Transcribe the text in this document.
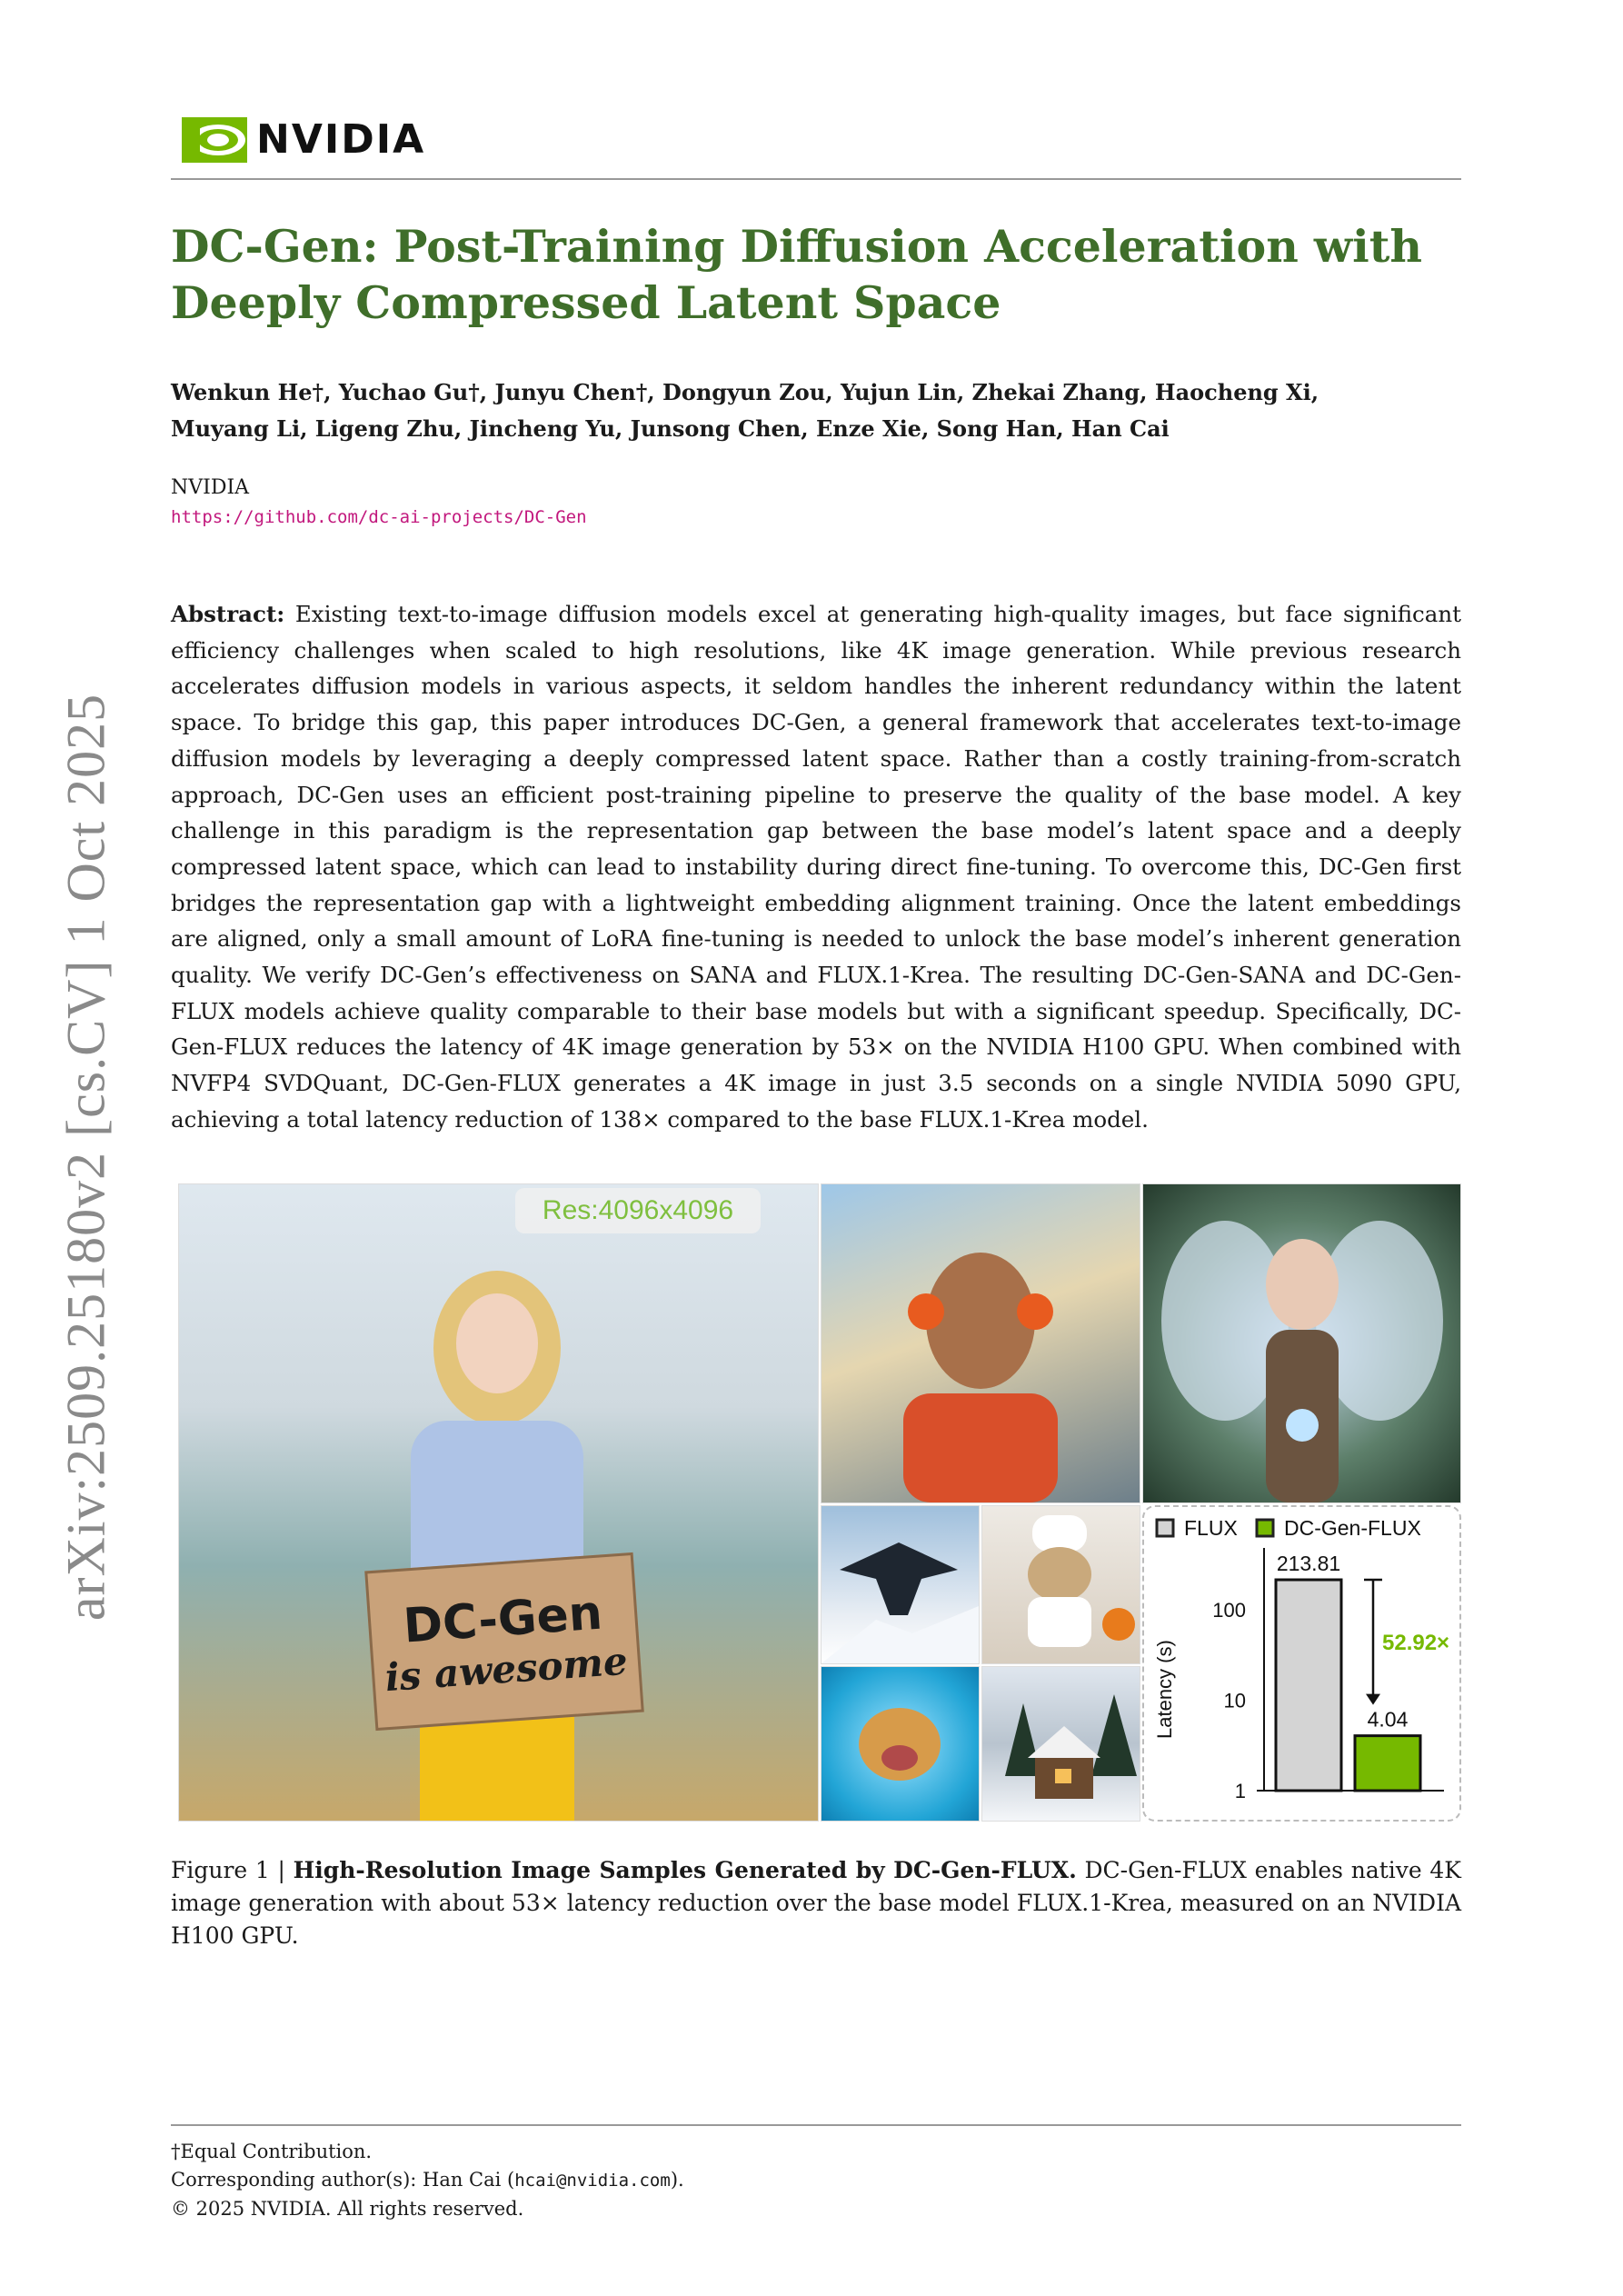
NVIDIA
DC-Gen: Post-Training Diffusion Acceleration with
Deeply Compressed Latent Space
Wenkun He†, Yuchao Gu†, Junyu Chen†, Dongyun Zou, Yujun Lin, Zhekai Zhang, Haocheng Xi,
Muyang Li, Ligeng Zhu, Jincheng Yu, Junsong Chen, Enze Xie, Song Han, Han Cai
NVIDIA
https://github.com/dc-ai-projects/DC-Gen

Abstract: Existing text-to-image diffusion models excel at generating high-quality images, but face significant efficiency challenges when scaled to high resolutions, like 4K image generation. While previous research accelerates diffusion models in various aspects, it seldom handles the inherent redundancy within the latent space. To bridge this gap, this paper introduces DC-Gen, a general framework that accelerates text-to-image diffusion models by leveraging a deeply compressed latent space. Rather than a costly training-from-scratch approach, DC-Gen uses an efficient post-training pipeline to preserve the quality of the base model. A key challenge in this paradigm is the representation gap between the base model’s latent space and a deeply compressed latent space, which can lead to instability during direct fine-tuning. To overcome this, DC-Gen first bridges the representation gap with a lightweight embedding alignment training. Once the latent embeddings are aligned, only a small amount of LoRA fine-tuning is needed to unlock the base model’s inherent generation quality. We verify DC-Gen’s effectiveness on SANA and FLUX.1-Krea. The resulting DC-Gen-SANA and DC-Gen-FLUX models achieve quality comparable to their base models but with a significant speedup. Specifically, DC-Gen-FLUX reduces the latency of 4K image generation by 53× on the NVIDIA H100 GPU. When combined with NVFP4 SVDQuant, DC-Gen-FLUX generates a 4K image in just 3.5 seconds on a single NVIDIA 5090 GPU, achieving a total latency reduction of 138× compared to the base FLUX.1-Krea model.

arXiv:2509.25180v2 [cs.CV] 1 Oct 2025	Res:4096x4096
DC-Gen
is awesome
FLUX DC-Gen-FLUX
Latency (s)
1
10
100
213.81
4.04
52.92×

Figure 1 | High-Resolution Image Samples Generated by DC-Gen-FLUX. DC-Gen-FLUX enables native 4K image generation with about 53× latency reduction over the base model FLUX.1-Krea, measured on an NVIDIA H100 GPU.

†Equal Contribution.
Corresponding author(s): Han Cai (hcai@nvidia.com).
© 2025 NVIDIA. All rights reserved.
